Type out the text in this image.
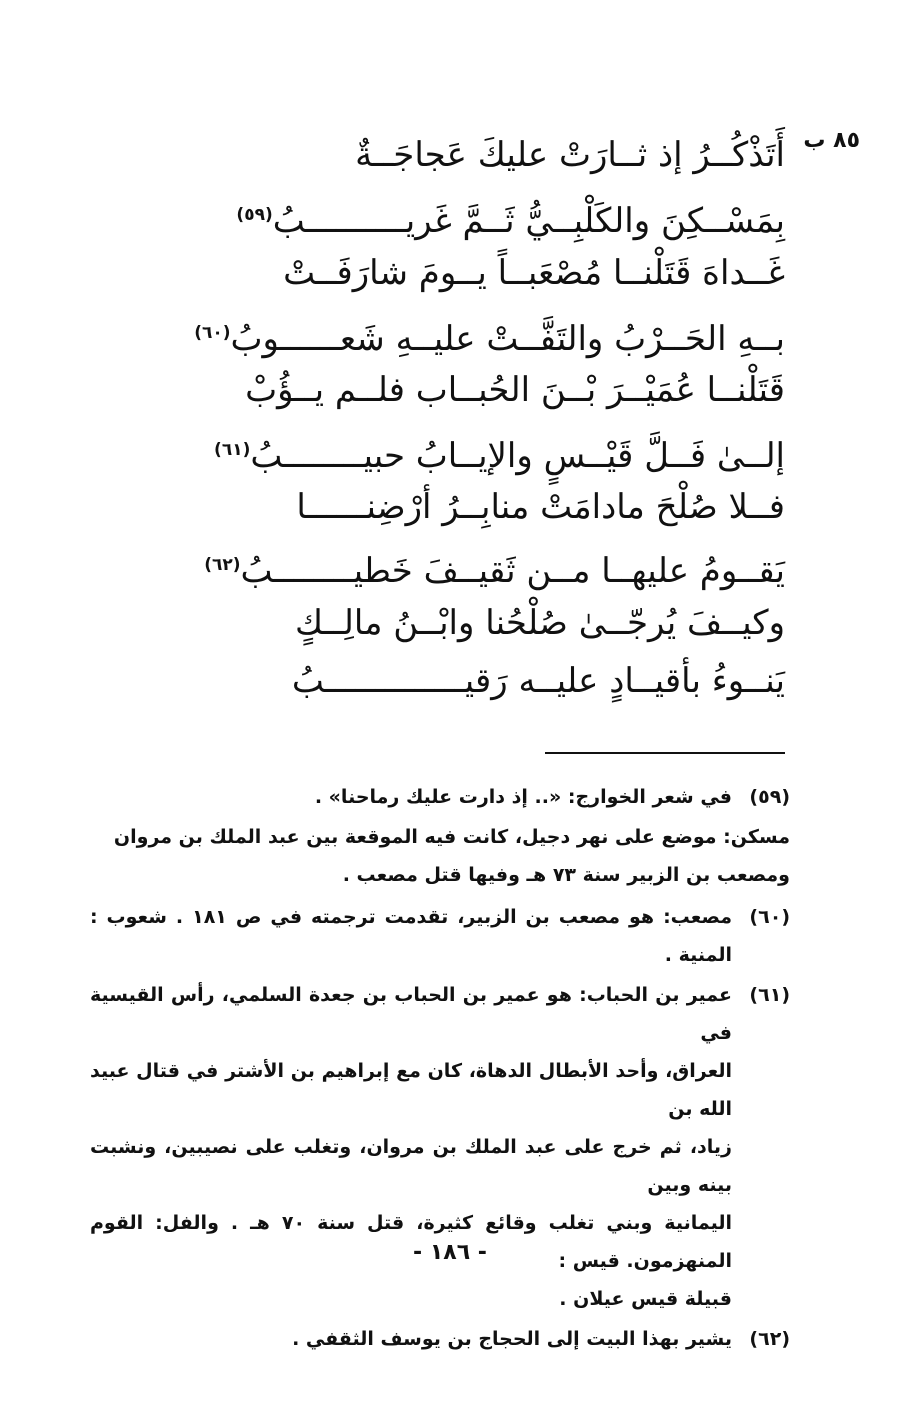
٨٥ ب
أَتَذْكُــرُ إذ ثــارَتْ عليكَ عَجاجَــةٌ
بِمَسْــكِنَ والكَلْبِــيُّ ثَــمَّ غَريــــــــــبُ$^{(٥٩)}$
غَــداهَ قَتَلْنــا مُصْعَبــاً يــومَ شارَفَــتْ
بــهِ الحَــرْبُ والتَفَّــتْ عليــهِ شَعــــــوبُ$^{(٦٠)}$
قَتَلْنــا عُمَيْــرَ بْــنَ الحُبــاب فلــم يــؤُبْ
إلــىٰ فَــلَّ قَيْــسٍ والإيــابُ حبيــــــــبُ$^{(٦١)}$
فــلا صُلْحَ مادامَتْ منابِــرُ أرْضِنــــــا
يَقــومُ عليهــا مــن ثَقيــفَ خَطيــــــــبُ$^{(٦٢)}$
وكيــفَ يُرجّــىٰ صُلْحُنا وابْــنُ مالِــكٍ
يَنــوءُ بأقيــادٍ عليــه رَقيــــــــــــــبُ
(٥٩)
في شعر الخوارج: «.. إذ دارت عليك رماحنا» .
مسكن: موضع على نهر دجيل، كانت فيه الموقعة بين عبد الملك بن مروان
ومصعب بن الزبير سنة ٧٣ هـ وفيها قتل مصعب .
(٦٠)
مصعب: هو مصعب بن الزبير، تقدمت ترجمته في ص ١٨١ . شعوب : المنية .
(٦١)
عمير بن الحباب: هو عمير بن الحباب بن جعدة السلمي، رأس القيسية في
العراق، وأحد الأبطال الدهاة، كان مع إبراهيم بن الأشتر في قتال عبيد الله بن
زياد، ثم خرج على عبد الملك بن مروان، وتغلب على نصيبين، ونشبت بينه وبين
اليمانية وبني تغلب وقائع كثيرة، قتل سنة ٧٠ هـ . والفل: القوم المنهزمون. قيس :
قبيلة قيس عيلان .
(٦٢)
يشير بهذا البيت إلى الحجاج بن يوسف الثقفي .
- ١٨٦ -
